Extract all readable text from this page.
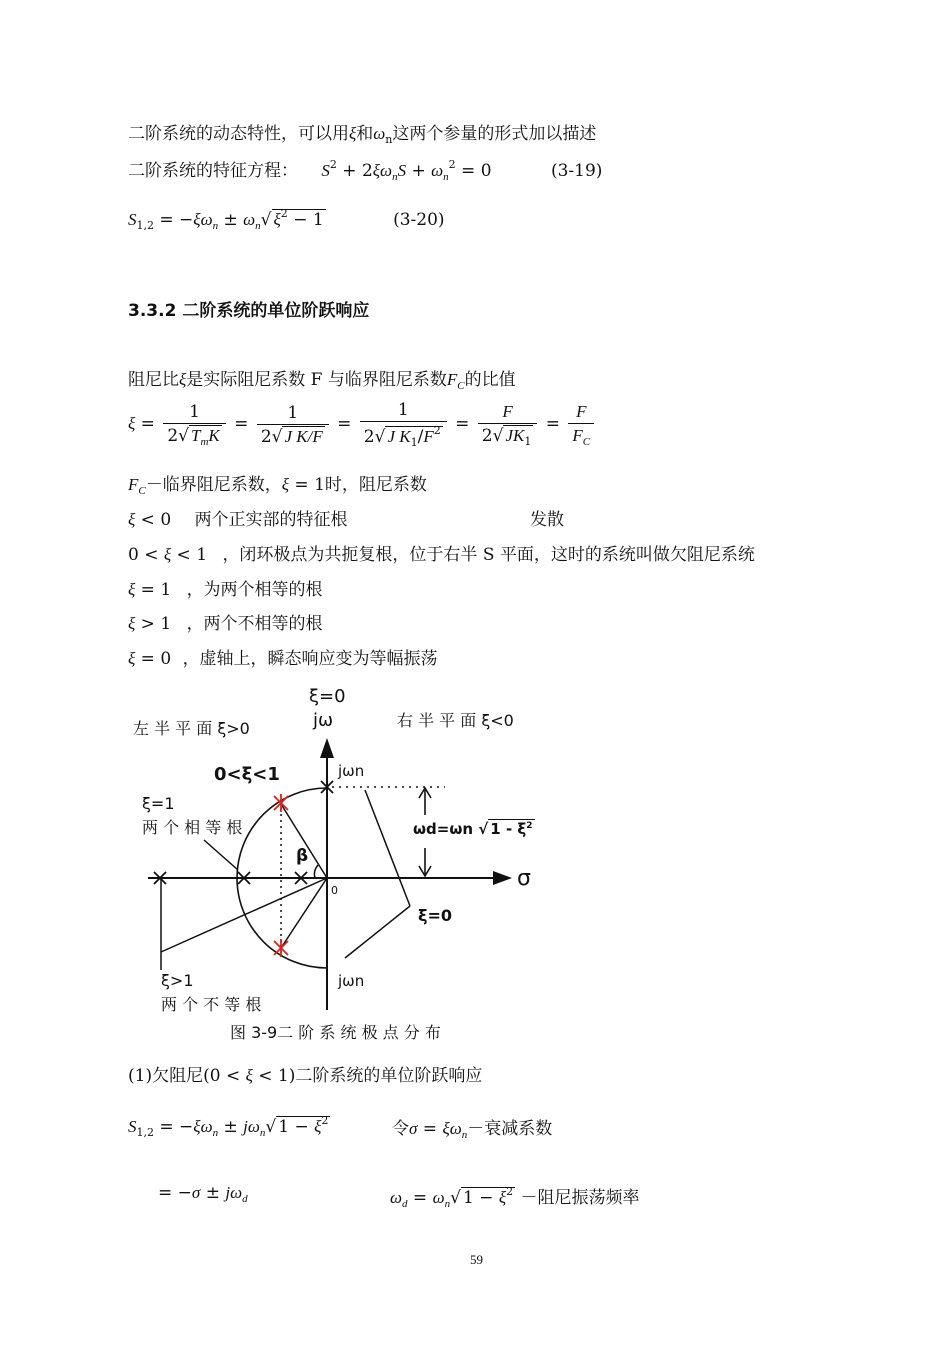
二阶系统的动态特性，可以用ξ和$\omega_n$这两个参量的形式加以描述
二阶系统的特征方程： $S^2 + 2\xi\omega_nS + \omega_n^2 = 0$	(3-19)
$S_{1,2} = -\xi\omega_n \pm \omega_n√$ $\xi^2 - 1$	(3-20)
3.3.2 二阶系统的单位阶跃响应
阻尼比ξ是实际阻尼系数 F 与临界阻尼系数$F_C$的比值
$\xi = \frac{1}{2√ T_mK} = \frac{1}{\text{2√ J K/F}} = \frac{1}{2√ J K_1/F^2} = \frac{F}{2√ JK_1} = \frac{F}{F_C}$
$F_C-$临界阻尼系数，ξ = 1时，阻尼系数
ξ < 0 两个正实部的特征根	发散
0 < ξ < 1 ，闭环极点为共扼复根，位于右半 S 平面，这时的系统叫做欠阻尼系统
ξ = 1 ，为两个相等的根
ξ > 1 ，两个不相等的根
ξ = 0 ，虚轴上，瞬态响应变为等幅振荡
ξ=0
jω
左 半 平 面 ξ>0	右 半 平 面 ξ<0
0<ξ<1	jωn
ξ=1
两 个 相 等 根	ωd=ωn √ $1 - \xi^2$
β
σ
0
ξ=0
ξ>1
两 个 不 等 根
jωn
图 3-9二 阶 系 统 极 点 分 布
(1)欠阻尼(0 < ξ < 1)二阶系统的单位阶跃响应
$S_{1,2} = -\xi\omega_n \pm j\omega_n√$ $1 - \xi^2$	令$\sigma = \xi\omega_n-$衰减系数
= $-\sigma \pm j\omega_d$	$\omega_d = \omega_n√$ $1 - \xi^2$ －阻尼振荡频率
59
